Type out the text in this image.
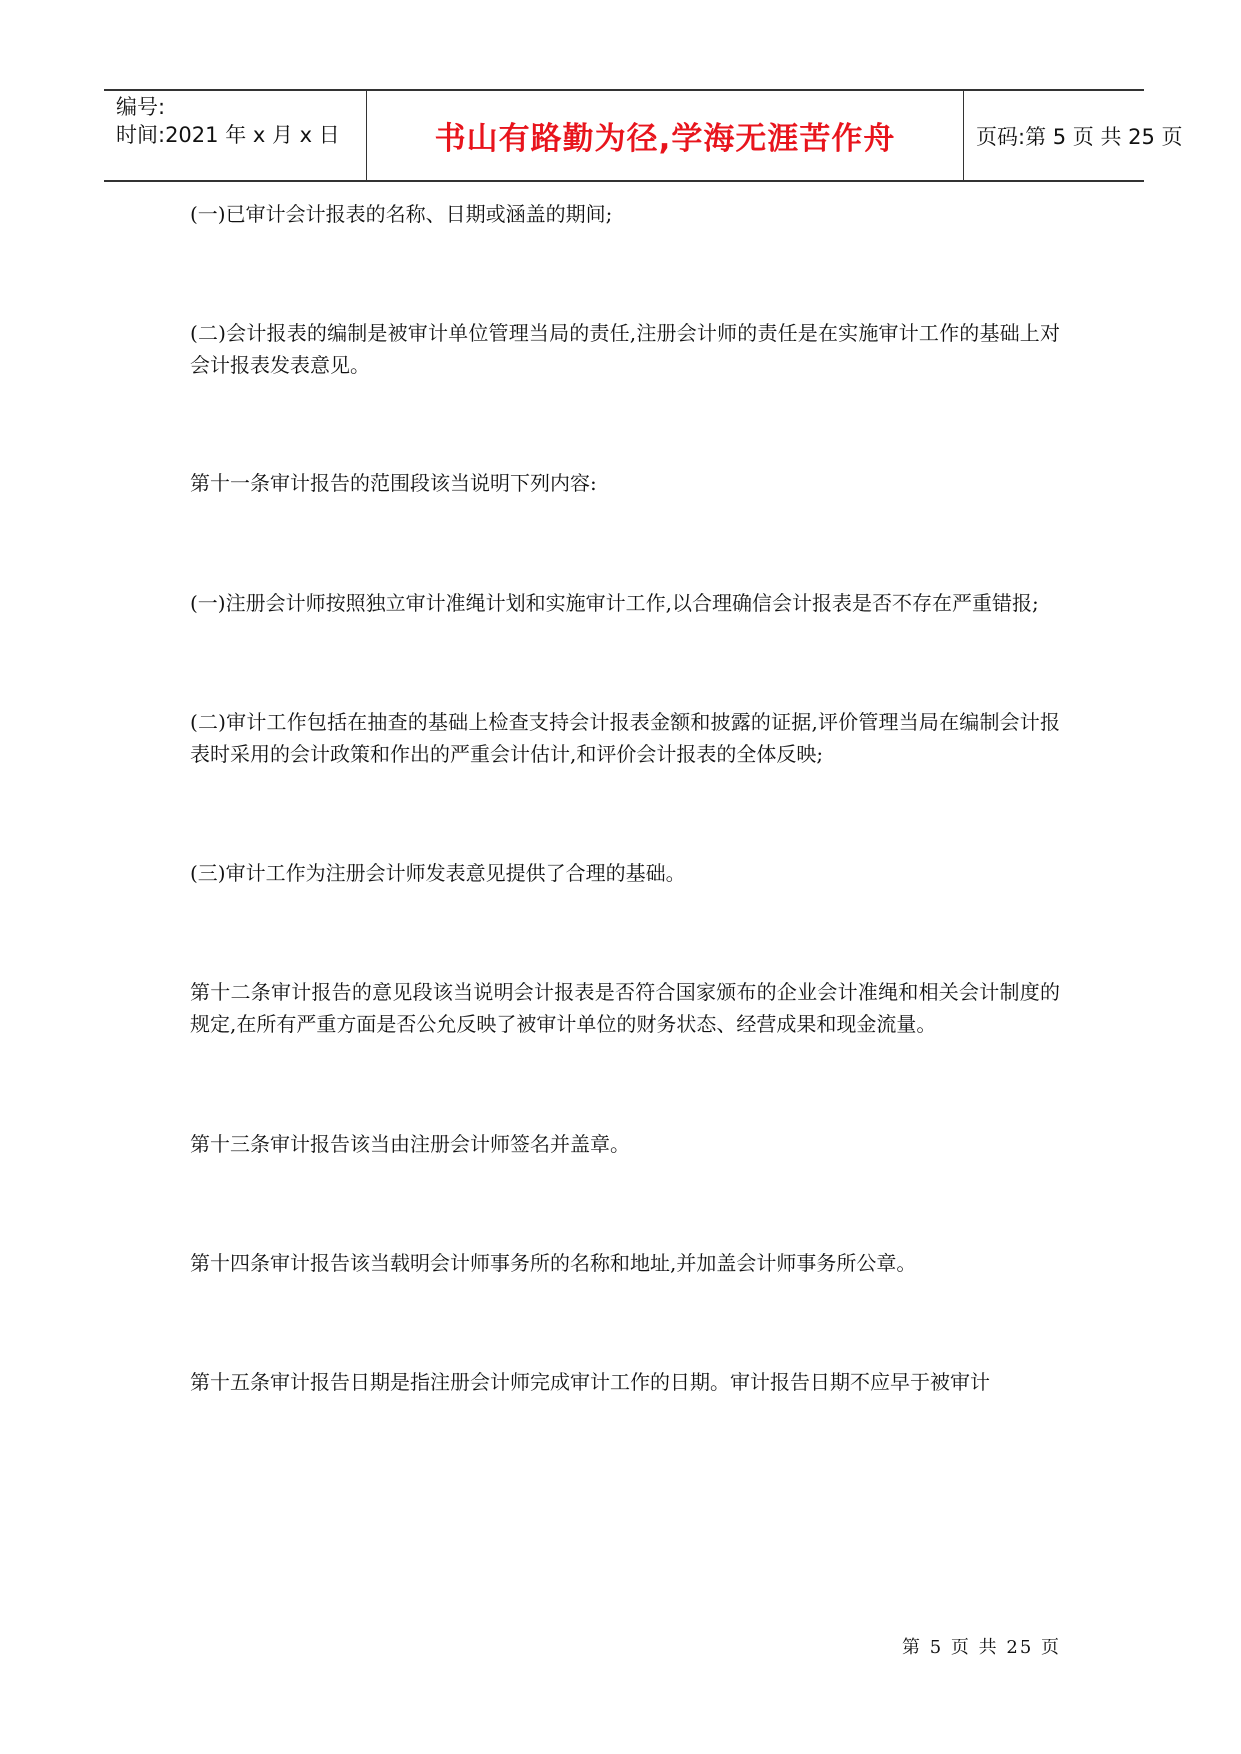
编号:
时间:2021 年 x 月 x 日	书山有路勤为径,学海无涯苦作舟	页码:第 5 页 共 25 页

(一)已审计会计报表的名称、日期或涵盖的期间;

(二)会计报表的编制是被审计单位管理当局的责任,注册会计师的责任是在实施审计工作的基础上对会计报表发表意见。

第十一条审计报告的范围段该当说明下列内容:

(一)注册会计师按照独立审计准绳计划和实施审计工作,以合理确信会计报表是否不存在严重错报;

(二)审计工作包括在抽查的基础上检查支持会计报表金额和披露的证据,评价管理当局在编制会计报表时采用的会计政策和作出的严重会计估计,和评价会计报表的全体反映;

(三)审计工作为注册会计师发表意见提供了合理的基础。

第十二条审计报告的意见段该当说明会计报表是否符合国家颁布的企业会计准绳和相关会计制度的规定,在所有严重方面是否公允反映了被审计单位的财务状态、经营成果和现金流量。

第十三条审计报告该当由注册会计师签名并盖章。

第十四条审计报告该当载明会计师事务所的名称和地址,并加盖会计师事务所公章。

第十五条审计报告日期是指注册会计师完成审计工作的日期。审计报告日期不应早于被审计

第 5 页 共 25 页
